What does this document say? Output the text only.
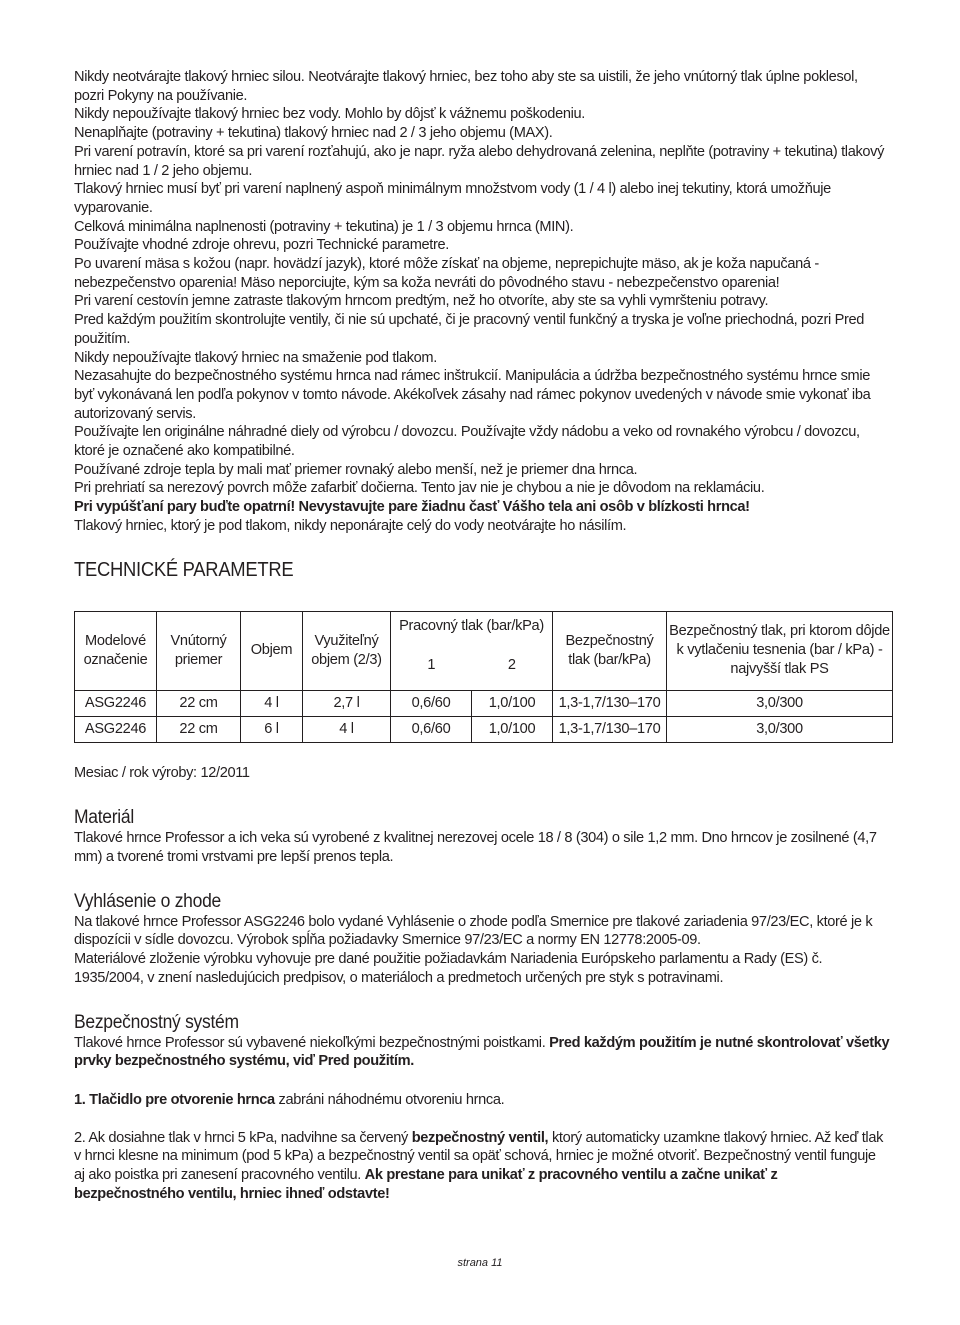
Nikdy neotvárajte tlakový hrniec silou. Neotvárajte tlakový hrniec, bez toho aby ste sa uistili, že jeho vnútorný tlak úplne poklesol, pozri Pokyny na používanie.

Nikdy nepoužívajte tlakový hrniec bez vody. Mohlo by dôjsť k vážnemu poškodeniu.

Nenaplňajte (potraviny + tekutina) tlakový hrniec nad 2 / 3 jeho objemu (MAX).

Pri varení potravín, ktoré sa pri varení rozťahujú, ako je napr. ryža alebo dehydrovaná zelenina, neplňte (potraviny + tekutina) tlakový hrniec nad 1 / 2 jeho objemu.

Tlakový hrniec musí byť pri varení naplnený aspoň minimálnym množstvom vody (1 / 4 l) alebo inej tekutiny, ktorá umožňuje vyparovanie.

Celková minimálna naplnenosti (potraviny + tekutina) je 1 / 3 objemu hrnca (MIN).

Používajte vhodné zdroje ohrevu, pozri Technické parametre.

Po uvarení mäsa s kožou (napr. hovädzí jazyk), ktoré môže získať na objeme, neprepichujte mäso, ak je koža napučaná - nebezpečenstvo oparenia! Mäso neporciujte, kým sa koža nevráti do pôvodného stavu - nebezpečenstvo oparenia!

Pri varení cestovín jemne zatraste tlakovým hrncom predtým, než ho otvoríte, aby ste sa vyhli vymršteniu potravy.

Pred každým použitím skontrolujte ventily, či nie sú upchaté, či je pracovný ventil funkčný a tryska je voľne priechodná, pozri Pred použitím.

Nikdy nepoužívajte tlakový hrniec na smaženie pod tlakom.

Nezasahujte do bezpečnostného systému hrnca nad rámec inštrukcií. Manipulácia a údržba bezpečnostného systému hrnce smie byť vykonávaná len podľa pokynov v tomto návode. Akékoľvek zásahy nad rámec pokynov uvedených v návode smie vykonať iba autorizovaný servis.

Používajte len originálne náhradné diely od výrobcu / dovozcu. Používajte vždy nádobu a veko od rovnakého výrobcu / dovozcu, ktoré je označené ako kompatibilné.

Používané zdroje tepla by mali mať priemer rovnaký alebo menší, než je priemer dna hrnca.

Pri prehriatí sa nerezový povrch môže zafarbiť dočierna. Tento jav nie je chybou a nie je dôvodom na reklamáciu.

Pri vypúšťaní pary buďte opatrní! Nevystavujte pare žiadnu časť Vášho tela ani osôb v blízkosti hrnca!

Tlakový hrniec, ktorý je pod tlakom, nikdy neponárajte celý do vody neotvárajte ho násilím.

TECHNICKÉ PARAMETRE
Modelové označenie	Vnútorný priemer	Objem	Využiteľný objem (2/3)	Pracovný tlak (bar/kPa)		Bezpečnostný tlak (bar/kPa)	Bezpečnostný tlak, pri ktorom dôjde k vytlačeniu tesnenia (bar / kPa) - najvyšší tlak PS
				1	2		
ASG2246	22 cm	4 l	2,7 l	0,6/60	1,0/100	1,3-1,7/130–170	3,0/300
ASG2246	22 cm	6 l	4 l	0,6/60	1,0/100	1,3-1,7/130–170	3,0/300

Mesiac / rok výroby: 12/2011

Materiál

Tlakové hrnce Professor a ich veka sú vyrobené z kvalitnej nerezovej ocele 18 / 8 (304) o sile 1,2 mm. Dno hrncov je zosilnené (4,7 mm) a tvorené tromi vrstvami pre lepší prenos tepla.

Vyhlásenie o zhode

Na tlakové hrnce Professor ASG2246 bolo vydané Vyhlásenie o zhode podľa Smernice pre tlakové zariadenia 97/23/EC, ktoré je k dispozícii v sídle dovozcu. Výrobok spĺňa požiadavky Smernice 97/23/EC a normy EN 12778:2005-09.

Materiálové zloženie výrobku vyhovuje pre dané použitie požiadavkám Nariadenia Európskeho parlamentu a Rady (ES) č. 1935/2004, v znení nasledujúcich predpisov, o materiáloch a predmetoch určených pre styk s potravinami.

Bezpečnostný systém

Tlakové hrnce Professor sú vybavené niekoľkými bezpečnostnými poistkami. Pred každým použitím je nutné skontrolovať všetky prvky bezpečnostného systému, viď Pred použitím.

1. Tlačidlo pre otvorenie hrnca zabráni náhodnému otvoreniu hrnca.

2. Ak dosiahne tlak v hrnci 5 kPa, nadvihne sa červený bezpečnostný ventil, ktorý automaticky uzamkne tlakový hrniec. Až keď tlak v hrnci klesne na minimum (pod 5 kPa) a bezpečnostný ventil sa opäť schová, hrniec je možné otvoriť. Bezpečnostný ventil funguje aj ako poistka pri zanesení pracovného ventilu. Ak prestane para unikať z pracovného ventilu a začne unikať z bezpečnostného ventilu, hrniec ihneď odstavte!

strana 11
